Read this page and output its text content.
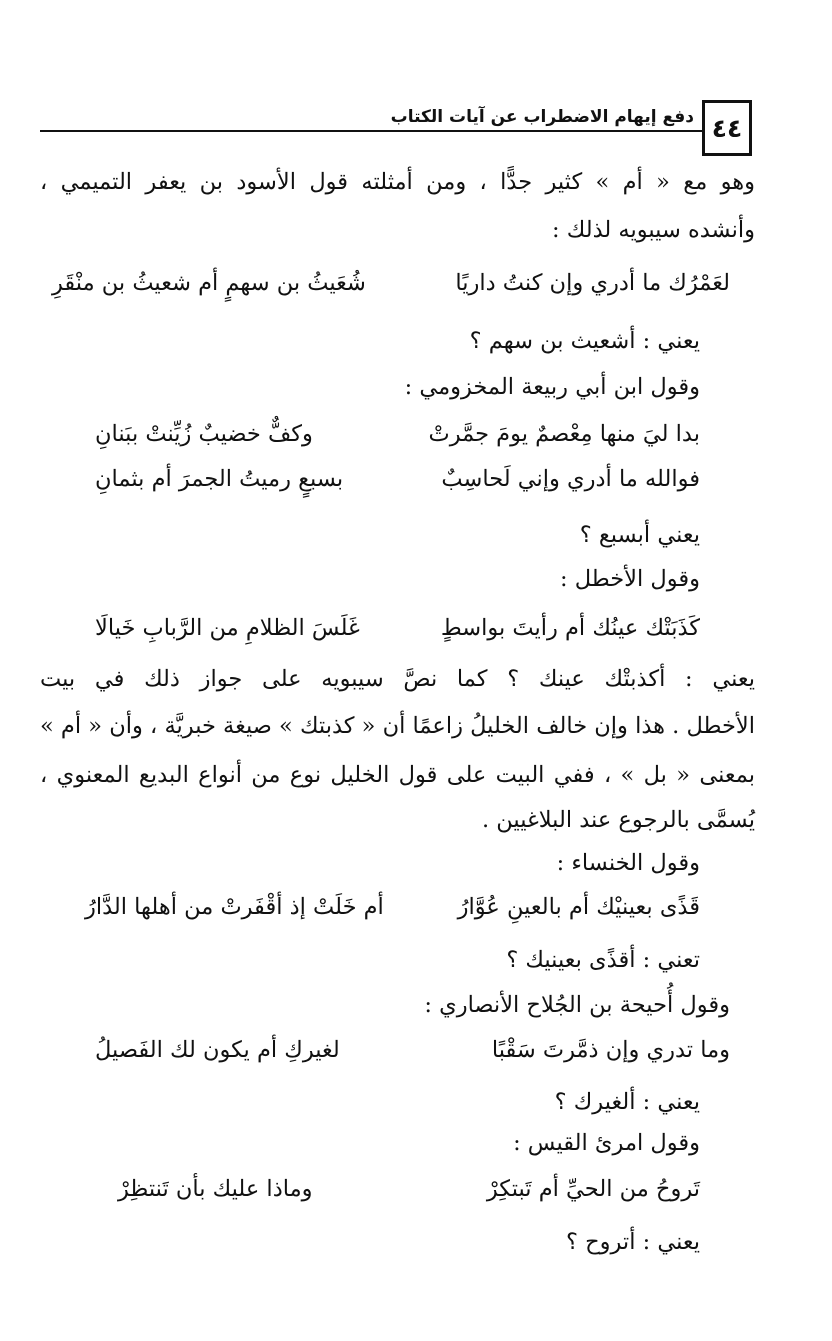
٤٤
دفع إيهام الاضطراب عن آيات الكتاب
وهو مع « أم » كثير جدًّا ، ومن أمثلته قول الأسود بن يعفر التميمي ،
وأنشده سيبويه لذلك :
لعَمْرُك ما أدري وإن كنتُ داريًا
شُعَيثُ بن سهمٍ أم شعيثُ بن منْقَرِ
يعني : أشعيث بن سهم ؟
وقول ابن أبي ربيعة المخزومي :
بدا ليَ منها مِعْصمٌ يومَ جمَّرتْ
وكفٌّ خضيبٌ زُيِّنتْ ببَنانِ
فوالله ما أدري وإني لَحاسِبٌ
بسبعٍ رميتُ الجمرَ أم بثمانِ
يعني أبسبع ؟
وقول الأخطل :
كَذَبَتْك عينُك أم رأيتَ بواسطٍ
غَلَسَ الظلامِ من الرَّبابِ خَيالَا
يعني : أكذبتْك عينك ؟ كما نصَّ سيبويه على جواز ذلك في بيت
الأخطل . هذا وإن خالف الخليلُ زاعمًا أن « كذبتك » صيغة خبريَّة ، وأن « أم »
بمعنى « بل » ، ففي البيت على قول الخليل نوع من أنواع البديع المعنوي ،
يُسمَّى بالرجوع عند البلاغيين .
وقول الخنساء :
قَذًى بعينيْك أم بالعينِ عُوَّارُ
أم خَلَتْ إذ أقْفَرتْ من أهلها الدَّارُ
تعني : أقذًى بعينيك ؟
وقول أُحيحة بن الجُلاح الأنصاري :
وما تدري وإن ذمَّرتَ سَقْبًا
لغيركِ أم يكون لك الفَصيلُ
يعني : ألغيرك ؟
وقول امرئ القيس :
تَروحُ من الحيِّ أم تَبتكِرْ
وماذا عليك بأن تَنتظِرْ
يعني : أتروح ؟
